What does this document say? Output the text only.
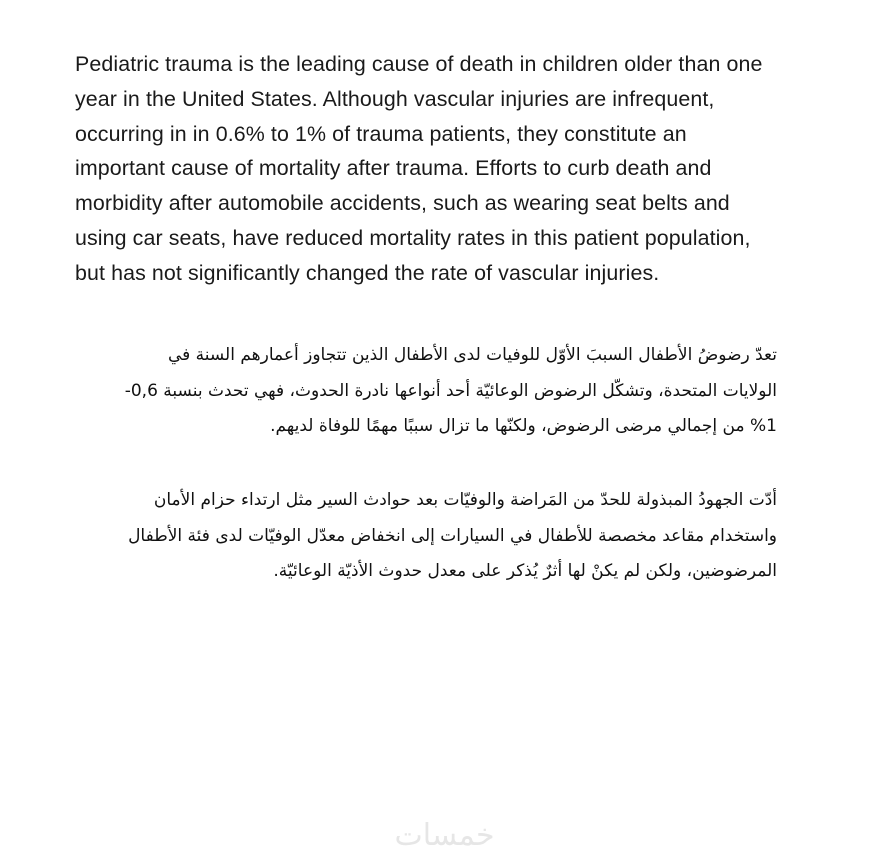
Pediatric trauma is the leading cause of death in children older than one year in the United States. Although vascular injuries are infrequent, occurring in in 0.6% to 1% of trauma patients, they constitute an important cause of mortality after trauma. Efforts to curb death and morbidity after automobile accidents, such as wearing seat belts and using car seats, have reduced mortality rates in this patient population, but has not significantly changed the rate of vascular injuries.

تعدّ رضوضُ الأطفال السببَ الأوّل للوفيات لدى الأطفال الذين تتجاوز أعمارهم السنة في الولايات المتحدة، وتشكّل الرضوض الوعائيّة أحد أنواعها نادرة الحدوث، فهي تحدث بنسبة 0,6-1% من إجمالي مرضى الرضوض، ولكنّها ما تزال سببًا مهمًا للوفاة لديهم.

أدّت الجهودُ المبذولة للحدّ من المَراضة والوفيّات بعد حوادث السير مثل ارتداء حزام الأمان واستخدام مقاعد مخصصة للأطفال في السيارات إلى انخفاض معدّل الوفيّات لدى فئة الأطفال المرضوضين، ولكن لم يكنْ لها أثرٌ يُذكر على معدل حدوث الأذيّة الوعائيّة.

خمسات
